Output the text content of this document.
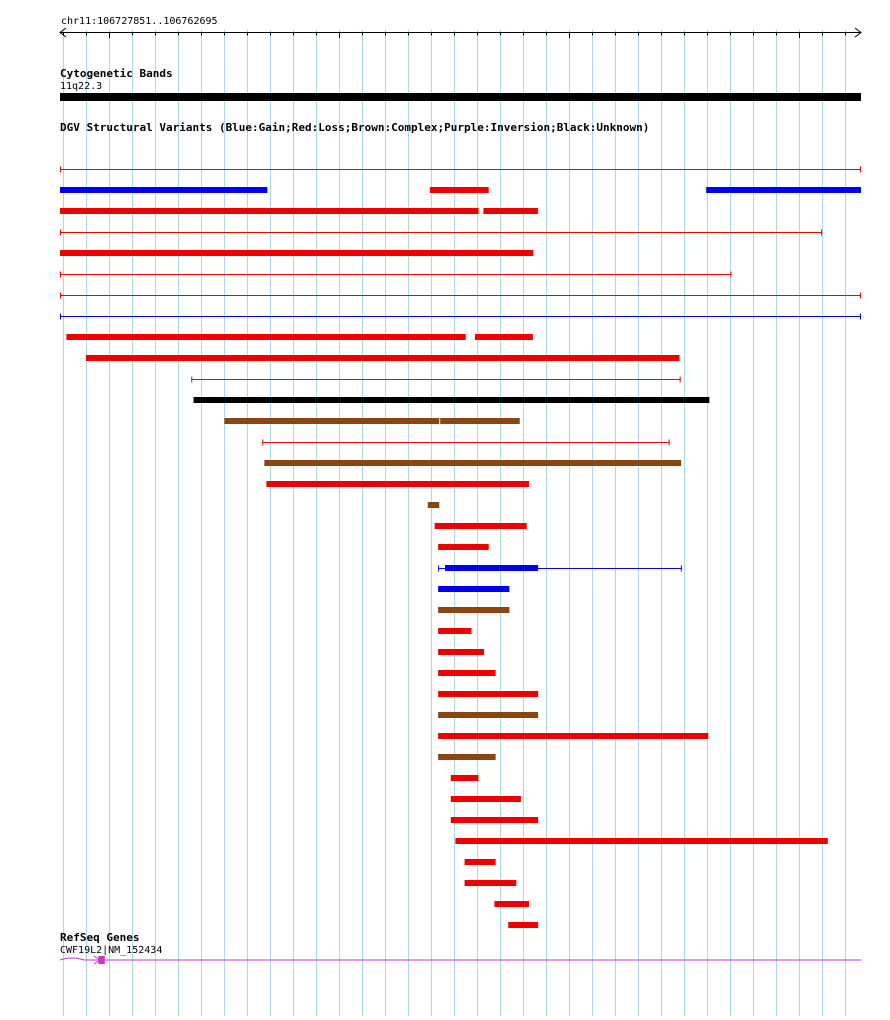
chr11:106727851..106762695
Cytogenetic Bands
11q22.3
DGV Structural Variants (Blue:Gain;Red:Loss;Brown:Complex;Purple:Inversion;Black:Unknown)
RefSeq Genes
CWF19L2|NM_152434
